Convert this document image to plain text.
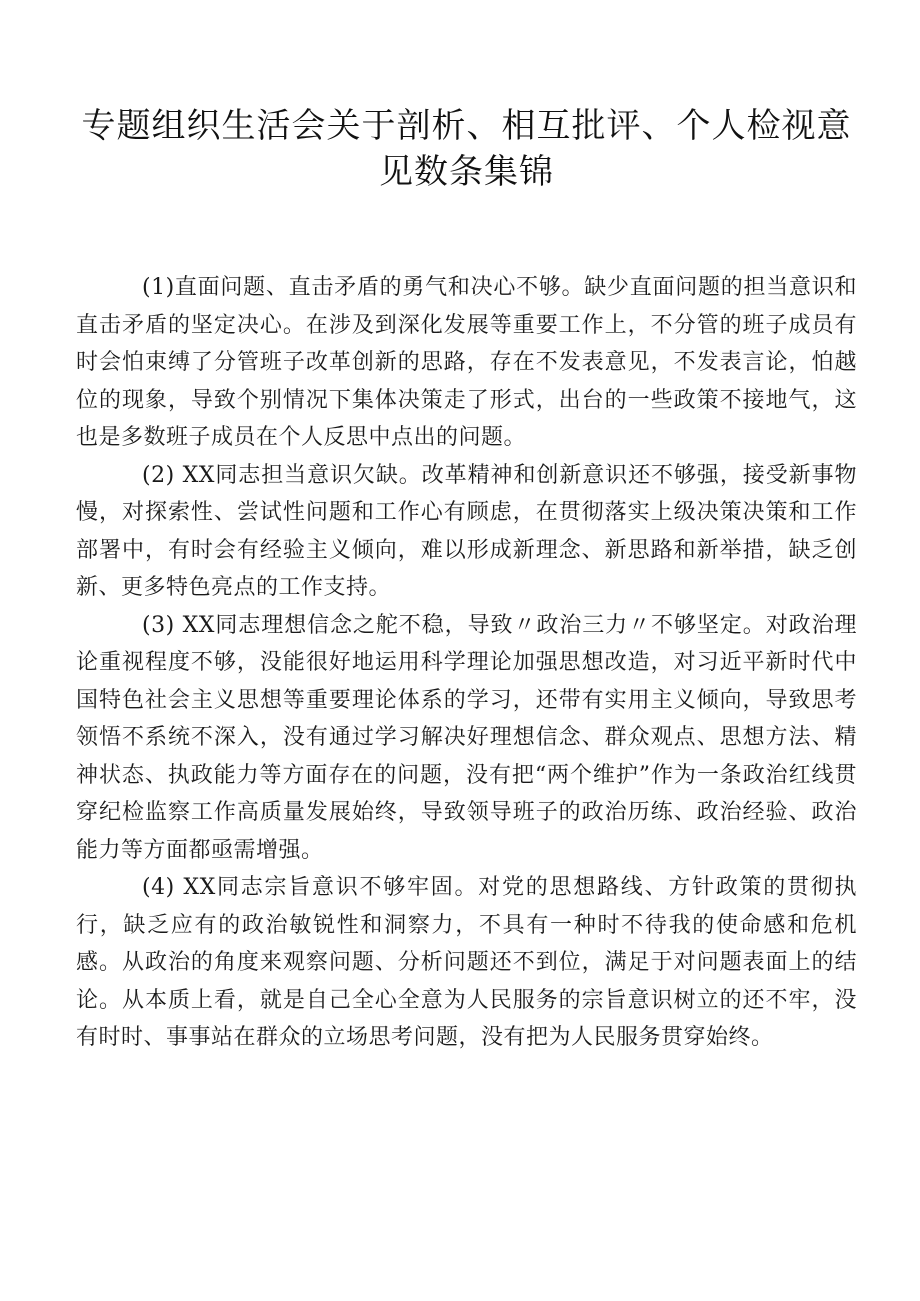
专题组织生活会关于剖析、相互批评、个人检视意见数条集锦

(1)直面问题、直击矛盾的勇气和决心不够。缺少直面问题的担当意识和直击矛盾的坚定决心。在涉及到深化发展等重要工作上，不分管的班子成员有时会怕束缚了分管班子改革创新的思路，存在不发表意见，不发表言论，怕越位的现象，导致个别情况下集体决策走了形式，出台的一些政策不接地气，这也是多数班子成员在个人反思中点出的问题。

(2) XX同志担当意识欠缺。改革精神和创新意识还不够强，接受新事物慢，对探索性、尝试性问题和工作心有顾虑，在贯彻落实上级决策决策和工作部署中，有时会有经验主义倾向，难以形成新理念、新思路和新举措，缺乏创新、更多特色亮点的工作支持。

(3) XX同志理想信念之舵不稳，导致〃政治三力〃不够坚定。对政治理论重视程度不够，没能很好地运用科学理论加强思想改造，对习近平新时代中国特色社会主义思想等重要理论体系的学习，还带有实用主义倾向，导致思考领悟不系统不深入，没有通过学习解决好理想信念、群众观点、思想方法、精神状态、执政能力等方面存在的问题，没有把“两个维护”作为一条政治红线贯穿纪检监察工作高质量发展始终，导致领导班子的政治历练、政治经验、政治能力等方面都亟需增强。

(4) XX同志宗旨意识不够牢固。对党的思想路线、方针政策的贯彻执行，缺乏应有的政治敏锐性和洞察力，不具有一种时不待我的使命感和危机感。从政治的角度来观察问题、分析问题还不到位，满足于对问题表面上的结论。从本质上看，就是自己全心全意为人民服务的宗旨意识树立的还不牢，没有时时、事事站在群众的立场思考问题，没有把为人民服务贯穿始终。
